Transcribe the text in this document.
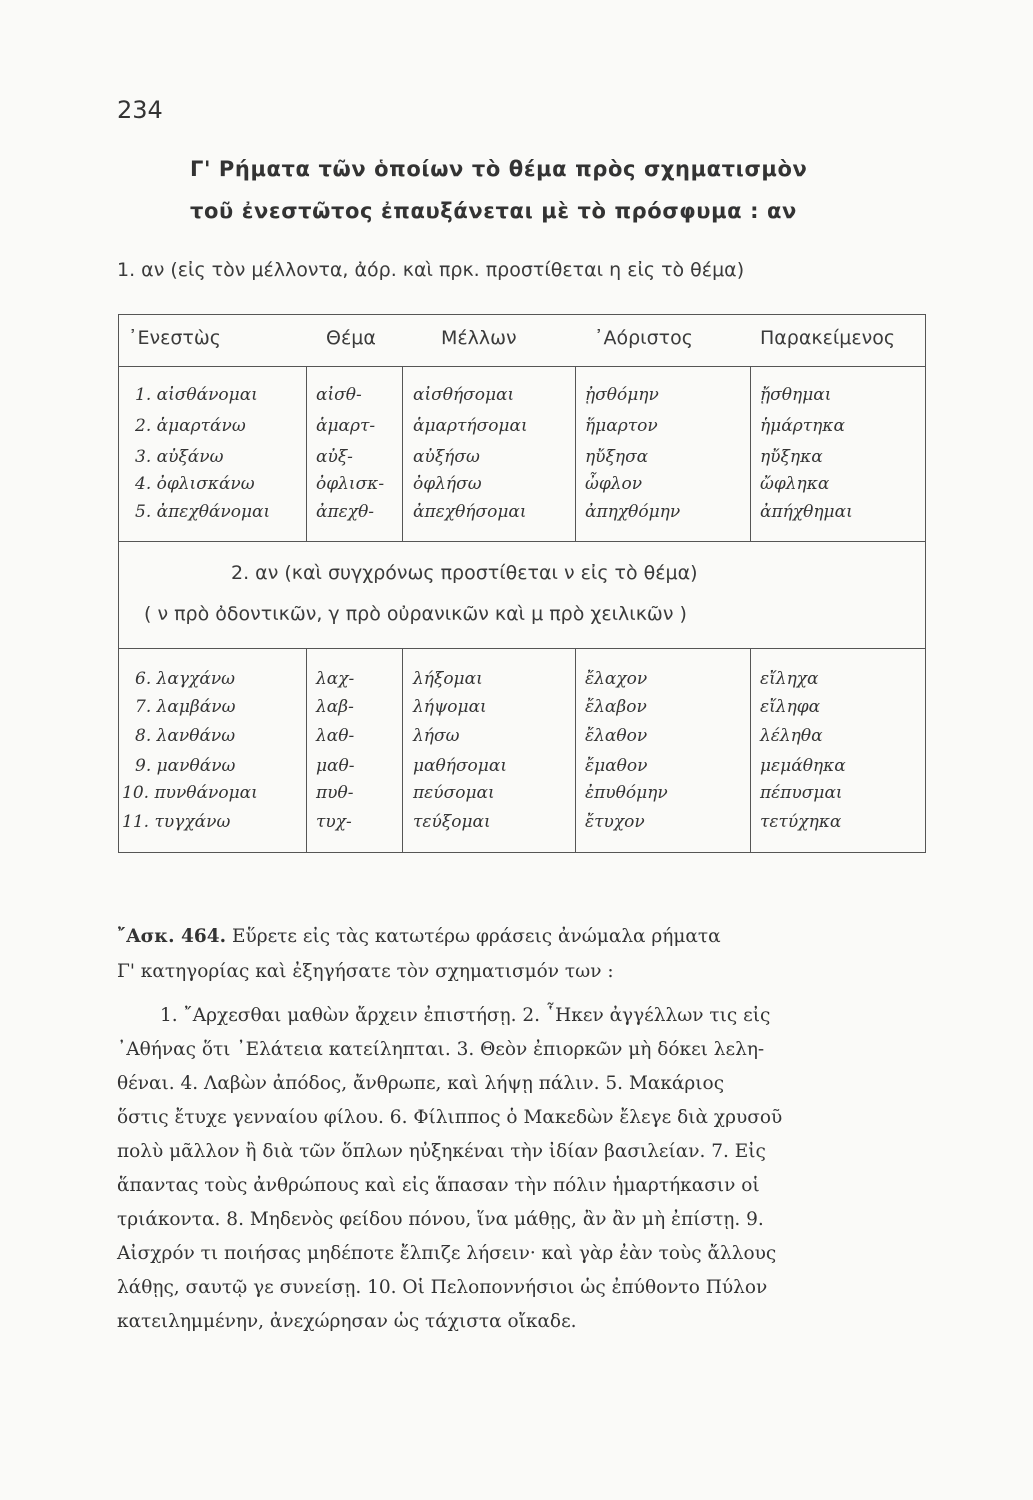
234
Γ' Ρήματα τῶν ὁποίων τὸ θέμα πρὸς σχηματισμὸν
τοῦ ἐνεστῶτος ἐπαυξάνεται μὲ τὸ πρόσφυμα : αν
1. αν (εἰς τὸν μέλλοντα, ἀόρ. καὶ πρκ. προστίθεται η εἰς τὸ θέμα)
᾿Ενεστὼς	Θέμα	Μέλλων	᾿Αόριστος	Παρακείμενος
1. αἰσθάνομαι	αἰσθ-	αἰσθήσομαι	ᾐσθόμην	ᾔσθημαι
2. ἁμαρτάνω	ἁμαρτ- ἁμαρτήσομαι	ἥμαρτον	ἡμάρτηκα
3. αὐξάνω	αὐξ-	αὐξήσω	ηὔξησα	ηὔξηκα
4. ὀφλισκάνω	ὀφλισκ- ὀφλήσω	ὦφλον	ὤφληκα
5. ἀπεχθάνομαι	ἀπεχθ- ἀπεχθήσομαι	ἀπηχθόμην	ἀπήχθημαι
2. αν (καὶ συγχρόνως προστίθεται ν εἰς τὸ θέμα)
( ν πρὸ ὀδοντικῶν, γ πρὸ οὐρανικῶν καὶ μ πρὸ χειλικῶν )
6. λαγχάνω	λαχ-	λήξομαι	ἔλαχον	εἴληχα
7. λαμβάνω	λαβ-	λήψομαι	ἔλαβον	εἴληφα
8. λανθάνω	λαθ-	λήσω	ἔλαθον	λέληθα
9. μανθάνω	μαθ-	μαθήσομαι	ἔμαθον	μεμάθηκα
10. πυνθάνομαι	πυθ-	πεύσομαι	ἐπυθόμην	πέπυσμαι
11. τυγχάνω	τυχ-	τεύξομαι	ἔτυχον	τετύχηκα
῎Ασκ. 464. Εὕρετε εἰς τὰς κατωτέρω φράσεις ἀνώμαλα ρήματα
Γ' κατηγορίας καὶ ἐξηγήσατε τὸν σχηματισμόν των :
1. ῎Αρχεσθαι μαθὼν ἄρχειν ἐπιστήσῃ. 2. ῟Ηκεν ἀγγέλλων τις εἰς
᾿Αθήνας ὅτι ᾿Ελάτεια κατείληπται. 3. Θεὸν ἐπιορκῶν μὴ δόκει λελη-
θέναι. 4. Λαβὼν ἀπόδος, ἄνθρωπε, καὶ λήψῃ πάλιν. 5. Μακάριος
ὅστις ἔτυχε γενναίου φίλου. 6. Φίλιππος ὁ Μακεδὼν ἔλεγε διὰ χρυσοῦ
πολὺ μᾶλλον ἢ διὰ τῶν ὅπλων ηὐξηκέναι τὴν ἰδίαν βασιλείαν. 7. Εἰς
ἅπαντας τοὺς ἀνθρώπους καὶ εἰς ἅπασαν τὴν πόλιν ἡμαρτήκασιν οἱ
τριάκοντα. 8. Μηδενὸς φείδου πόνου, ἵνα μάθῃς, ἂν ἂν μὴ ἐπίστῃ. 9.
Αἰσχρόν τι ποιήσας μηδέποτε ἔλπιζε λήσειν· καὶ γὰρ ἐὰν τοὺς ἄλλους
λάθῃς, σαυτῷ γε συνείσῃ. 10. Οἱ Πελοποννήσιοι ὡς ἐπύθοντο Πύλον
κατειλημμένην, ἀνεχώρησαν ὡς τάχιστα οἴκαδε.
